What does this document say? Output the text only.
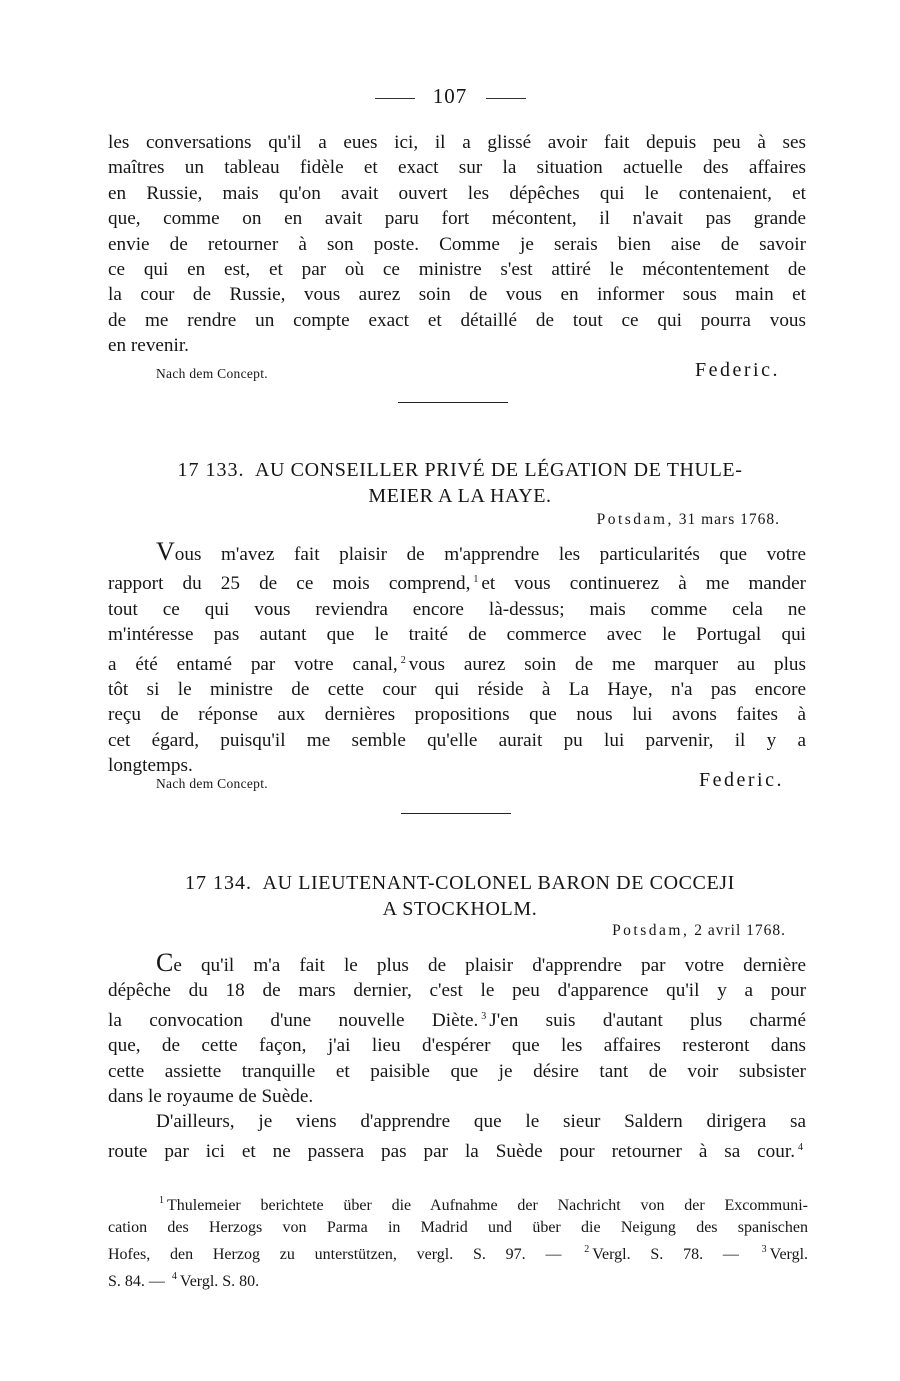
107

les conversations qu'il a eues ici, il a glissé avoir fait depuis peu à ses

maîtres un tableau fidèle et exact sur la situation actuelle des affaires

en Russie, mais qu'on avait ouvert les dépêches qui le contenaient, et

que, comme on en avait paru fort mécontent, il n'avait pas grande

envie de retourner à son poste. Comme je serais bien aise de savoir

ce qui en est, et par où ce ministre s'est attiré le mécontentement de

la cour de Russie, vous aurez soin de vous en informer sous main et

de me rendre un compte exact et détaillé de tout ce qui pourra vous

en revenir.

Nach dem Concept.	Federic.
17 133. AU CONSEILLER PRIVÉ DE LÉGATION DE THULE-
MEIER A LA HAYE.
Potsdam, 31 mars 1768.

Vous m'avez fait plaisir de m'apprendre les particularités que votre

rapport du 25 de ce mois comprend, $^1$ et vous continuerez à me mander

tout ce qui vous reviendra encore là-dessus; mais comme cela ne

m'intéresse pas autant que le traité de commerce avec le Portugal qui

a été entamé par votre canal, $^2$ vous aurez soin de me marquer au plus

tôt si le ministre de cette cour qui réside à La Haye, n'a pas encore

reçu de réponse aux dernières propositions que nous lui avons faites à

cet égard, puisqu'il me semble qu'elle aurait pu lui parvenir, il y a

longtemps.

Nach dem Concept.	Federic.
17 134. AU LIEUTENANT-COLONEL BARON DE COCCEJI
A STOCKHOLM.
Potsdam, 2 avril 1768.

Ce qu'il m'a fait le plus de plaisir d'apprendre par votre dernière

dépêche du 18 de mars dernier, c'est le peu d'apparence qu'il y a pour

la convocation d'une nouvelle Diète. $^3$ J'en suis d'autant plus charmé

que, de cette façon, j'ai lieu d'espérer que les affaires resteront dans

cette assiette tranquille et paisible que je désire tant de voir subsister

dans le royaume de Suède.

D'ailleurs, je viens d'apprendre que le sieur Saldern dirigera sa

route par ici et ne passera pas par la Suède pour retourner à sa cour. $^4$

$^1$ Thulemeier berichtete über die Aufnahme der Nachricht von der Excommuni-

cation des Herzogs von Parma in Madrid und über die Neigung des spanischen

Hofes, den Herzog zu unterstützen, vergl. S. 97. — $^2$ Vergl. S. 78. — $^3$ Vergl.

S. 84. — $^4$ Vergl. S. 80.
